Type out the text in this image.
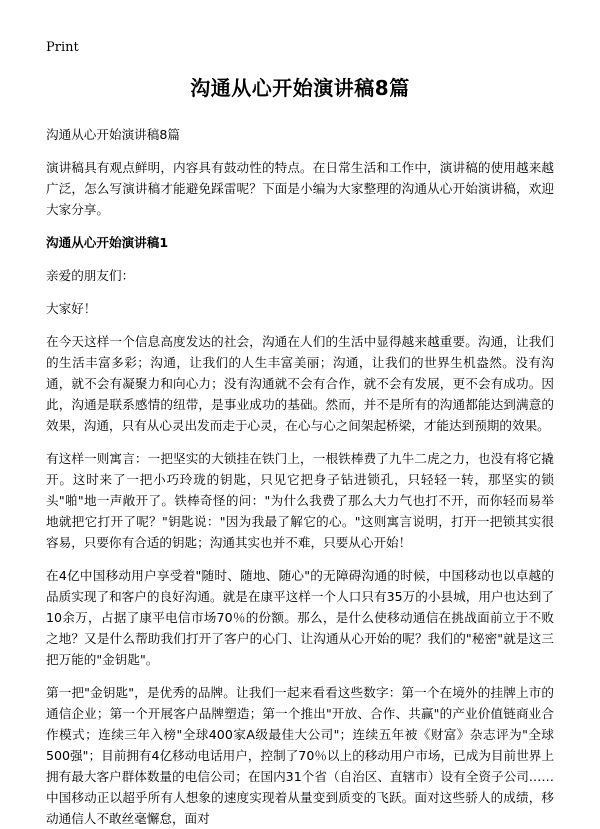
Print
沟通从心开始演讲稿8篇

沟通从心开始演讲稿8篇

演讲稿具有观点鲜明，内容具有鼓动性的特点。在日常生活和工作中，演讲稿的使用越来越广泛，怎么写演讲稿才能避免踩雷呢？下面是小编为大家整理的沟通从心开始演讲稿，欢迎大家分享。

沟通从心开始演讲稿1

亲爱的朋友们：

大家好！

在今天这样一个信息高度发达的社会，沟通在人们的生活中显得越来越重要。沟通，让我们的生活丰富多彩；沟通，让我们的人生丰富美丽；沟通，让我们的世界生机盎然。没有沟通，就不会有凝聚力和向心力；没有沟通就不会有合作，就不会有发展，更不会有成功。因此，沟通是联系感情的纽带，是事业成功的基础。然而，并不是所有的沟通都能达到满意的效果，沟通，只有从心灵出发而走于心灵，在心与心之间架起桥梁，才能达到预期的效果。

有这样一则寓言：一把坚实的大锁挂在铁门上，一根铁棒费了九牛二虎之力，也没有将它撬开。这时来了一把小巧玲珑的钥匙，只见它把身子钻进锁孔，只轻轻一转，那坚实的锁头"啪"地一声敞开了。铁棒奇怪的问："为什么我费了那么大力气也打不开，而你轻而易举地就把它打开了呢？"钥匙说："因为我最了解它的心。"这则寓言说明，打开一把锁其实很容易，只要你有合适的钥匙；沟通其实也并不难，只要从心开始！

在4亿中国移动用户享受着"随时、随地、随心"的无障碍沟通的时候，中国移动也以卓越的品质实现了和客户的良好沟通。就是在康平这样一个人口只有35万的小县城，用户也达到了10余万，占据了康平电信市场70％的份额。那么，是什么使移动通信在挑战面前立于不败之地？又是什么帮助我们打开了客户的心门、让沟通从心开始的呢？我们的"秘密"就是这三把万能的"金钥匙"。

第一把"金钥匙"，是优秀的品牌。让我们一起来看看这些数字：第一个在境外的挂牌上市的通信企业；第一个开展客户品牌塑造；第一个推出"开放、合作、共赢"的产业价值链商业合作模式；连续三年入榜"全球400家A级最佳大公司"；连续五年被《财富》杂志评为"全球500强"；目前拥有4亿移动电话用户，控制了70％以上的移动用户市场，已成为目前世界上拥有最大客户群体数量的电信公司；在国内31个省（自治区、直辖市）设有全资子公司……中国移动正以超乎所有人想象的速度实现着从量变到质变的飞跃。面对这些骄人的成绩，移动通信人不敢丝毫懈怠，面对
